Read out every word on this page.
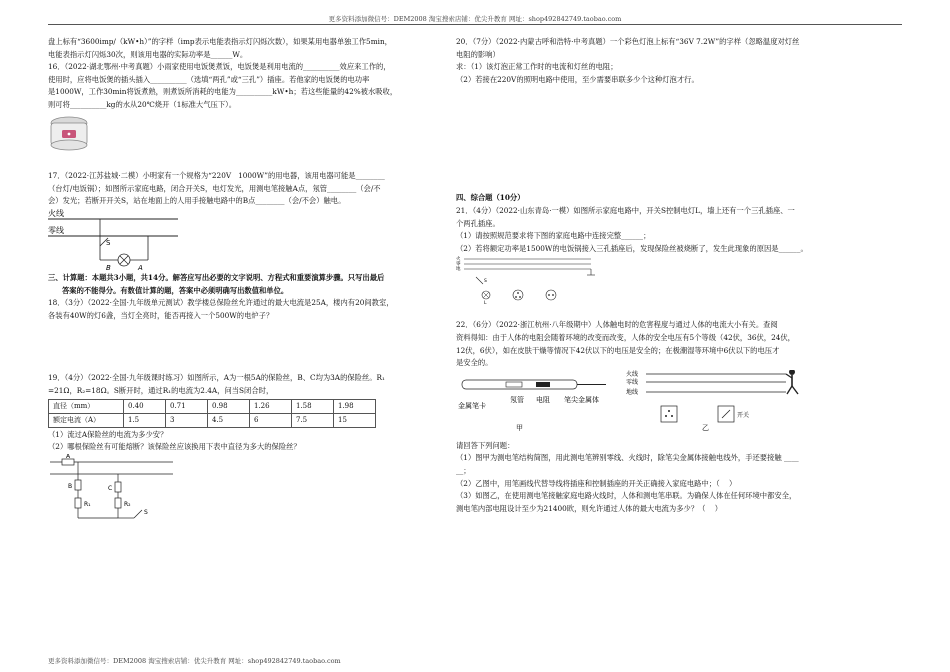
更多资料添加微信号：DEM2008 淘宝搜索店铺：优尖升教育 网址：shop492842749.taobao.com

盘上标有“3600imp/（kW•h）”的字样（imp表示电能表指示灯闪烁次数），如果某用电器单独工作5min，

电能表指示灯闪烁30次，则该用电器的实际功率是______W。

16．（2022·湖北鄂州·中考真题）小雨家使用电饭煲煮饭，电饭煲是利用电流的__________效应来工作的，

使用时，应将电饭煲的插头插入__________（选填“两孔”或“三孔”）插座。若他家的电饭煲的电功率

是1000W，工作30min将饭煮熟，则煮饭所消耗的电能为__________kW•h；若这些能量的42%被水吸收，

则可将__________kg的水从20℃烧开（1标准大气压下）。

17．（2022·江苏盐城·二模）小明家有一个规格为“220V   1000W”的用电器，该用电器可能是________

（台灯/电饭锅）；如图所示家庭电路，闭合开关S，电灯发光，用测电笔接触A点，氖管________（会/不

会）发光；若断开开关S，站在地面上的人用手接触电路中的B点________（会/不会）触电。

火线
零线
S
B	A

三、计算题：本题共3小题，共14分。解答应写出必要的文字说明、方程式和重要演算步骤。只写出最后

答案的不能得分。有数值计算的题，答案中必须明确写出数值和单位。

18．（3分）（2022·全国·九年级单元测试）教学楼总保险丝允许通过的最大电流是25A，楼内有20间教室，

各装有40W的灯6盏，当灯全亮时，能否再接入一个500W的电炉子？

19．（4分）（2022·全国·九年级课时练习）如图所示，A为一根5A的保险丝，B、C均为3A的保险丝。R₁

=21Ω，R₂=18Ω。S断开时，通过R₁的电流为2.4A，问当S闭合时，

直径（mm）	0.40	0.71	0.98	1.26	1.58	1.98
额定电流（A）	1.5	3	4.5	6	7.5	15

（1）流过A保险丝的电流为多少安？

（2）哪根保险丝有可能熔断？该保险丝应该换用下表中直径为多大的保险丝？

A
B
R₁
C
R₂
S

20．（7分）（2022·内蒙古呼和浩特·中考真题）一个彩色灯泡上标有“36V 7.2W”的字样（忽略温度对灯丝

电阻的影响）

求：（1）该灯泡正常工作时的电流和灯丝的电阻；

（2）若接在220V的照明电路中使用，至少需要串联多少个这种灯泡才行。

四、综合题（10分）

21．（4分）（2022·山东青岛·一模）如图所示家庭电路中，开关S控制电灯L，墙上还有一个三孔插座、一

个两孔插座。

（1）请按照规范要求将下图的家庭电路中连接完整______；

（2）若将额定功率是1500W的电饭锅接入三孔插座后，发现保险丝被烧断了，发生此现象的原因是______。

火
零
地
S
L

22．（6分）（2022·浙江杭州·八年级期中）人体触电时的危害程度与通过人体的电流大小有关。查阅

资料得知：由于人体的电阻会随着环境的改变而改变，人体的安全电压有5个等级（42伏，36伏，24伏，

12伏，6伏），如在皮肤干燥等情况下42伏以下的电压是安全的；在极潮湿等环境中6伏以下的电压才

是安全的。

金属笔卡
氖管 电阻 笔尖金属体
甲
火线
零线
地线
开关
乙

请回答下列问题：

（1）图甲为测电笔结构简图，用此测电笔辨别零线、火线时，除笔尖金属体接触电线外，手还要接触 ____

__；

（2）乙图中，用笔画线代替导线将插座和控制插座的开关正确接入家庭电路中；（    ）

（3）如图乙，在使用测电笔接触家庭电路火线时，人体和测电笔串联。为确保人体在任何环境中都安全，

测电笔内部电阻设计至少为21400欧，则允许通过人体的最大电流为多少？（    ）

更多资料添加微信号：DEM2008 淘宝搜索店铺：优尖升教育 网址：shop492842749.taobao.com
